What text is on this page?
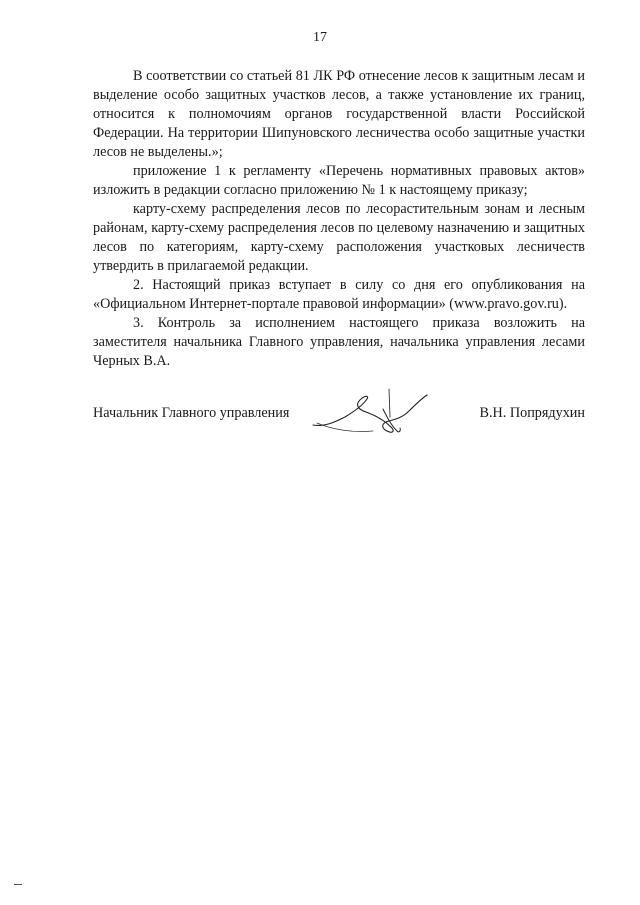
17

В соответствии со статьей 81 ЛК РФ отнесение лесов к защитным лесам и выделение особо защитных участков лесов, а также установление их границ, относится к полномочиям органов государственной власти Российской Федерации. На территории Шипуновского лесничества особо защитные участки лесов не выделены.»;

приложение 1 к регламенту «Перечень нормативных правовых актов» изложить в редакции согласно приложению № 1 к настоящему приказу;

карту-схему распределения лесов по лесорастительным зонам и лесным районам, карту-схему распределения лесов по целевому назначению и защитных лесов по категориям, карту-схему расположения участковых лесничеств утвердить в прилагаемой редакции.

2. Настоящий приказ вступает в силу со дня его опубликования на «Официальном Интернет-портале правовой информации» (www.pravo.gov.ru).

3. Контроль за исполнением настоящего приказа возложить на заместителя начальника Главного управления, начальника управления лесами Черных В.А.

Начальник Главного управления	В.Н. Попрядухин
